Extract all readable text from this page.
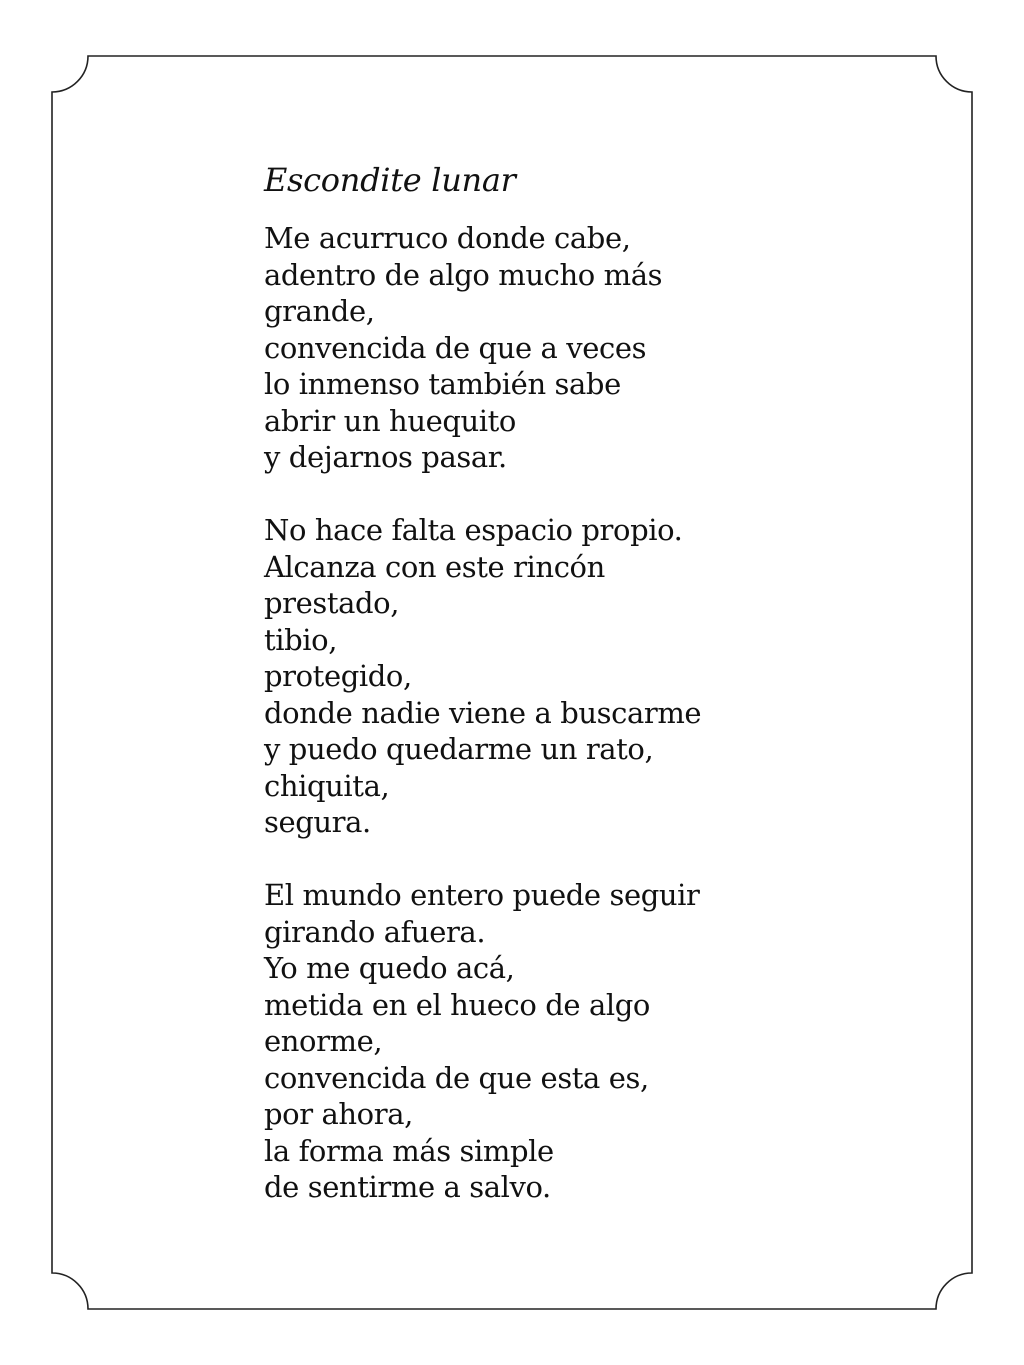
Escondite lunar
Me acurruco donde cabe,
adentro de algo mucho más
grande,
convencida de que a veces
lo inmenso también sabe
abrir un huequito
y dejarnos pasar.
No hace falta espacio propio.
Alcanza con este rincón
prestado,
tibio,
protegido,
donde nadie viene a buscarme
y puedo quedarme un rato,
chiquita,
segura.
El mundo entero puede seguir
girando afuera.
Yo me quedo acá,
metida en el hueco de algo
enorme,
convencida de que esta es,
por ahora,
la forma más simple
de sentirme a salvo.
